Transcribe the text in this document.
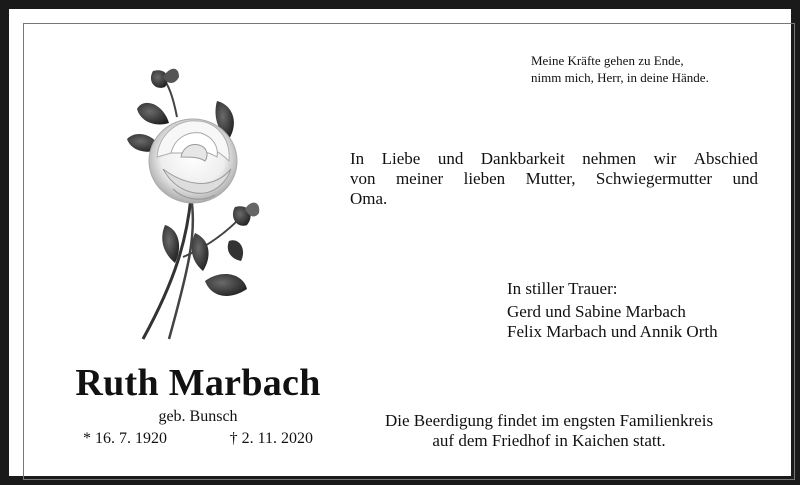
Meine Kräfte gehen zu Ende,
nimm mich, Herr, in deine Hände.
In Liebe und Dankbarkeit nehmen wir Abschied
von meiner lieben Mutter, Schwiegermutter und
Oma.
In stiller Trauer:
Gerd und Sabine Marbach
Felix Marbach und Annik Orth
Ruth Marbach
geb. Bunsch
* 16. 7. 1920	† 2. 11. 2020
Die Beerdigung findet im engsten Familienkreis
auf dem Friedhof in Kaichen statt.
